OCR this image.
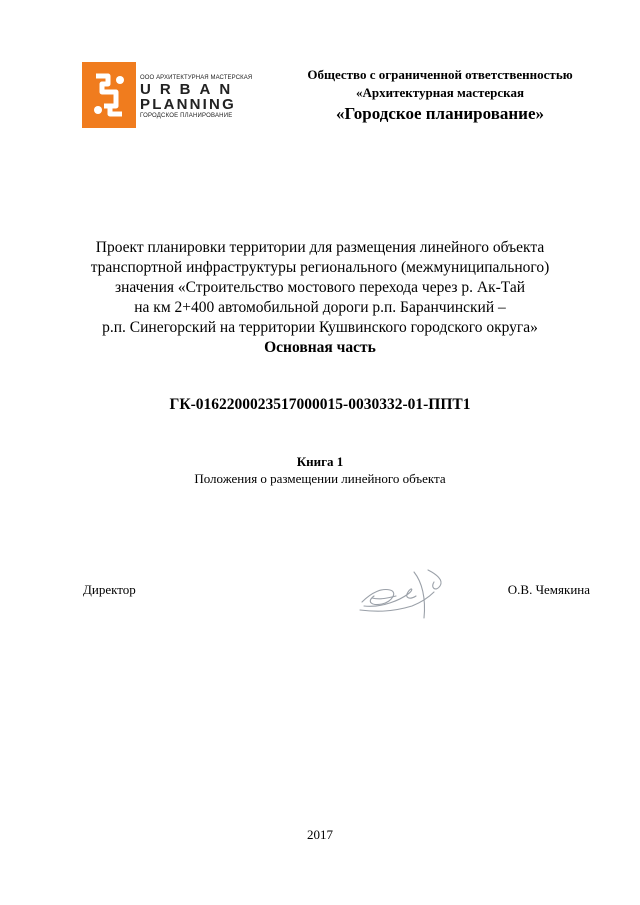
ООО АРХИТЕКТУРНАЯ МАСТЕРСКАЯ
URBAN
PLANNING
ГОРОДСКОЕ ПЛАНИРОВАНИЕ
Общество с ограниченной ответственностью
«Архитектурная мастерская
«Городское планирование»
Проект планировки территории для размещения линейного объекта
транспортной инфраструктуры регионального (межмуниципального)
значения «Строительство мостового перехода через р. Ак-Тай
на км 2+400 автомобильной дороги р.п. Баранчинский –
р.п. Синегорский на территории Кушвинского городского округа»
Основная часть
ГК-0162200023517000015-0030332-01-ППТ1
Книга 1
Положения о размещении линейного объекта
Директор	О.В. Чемякина
2017
